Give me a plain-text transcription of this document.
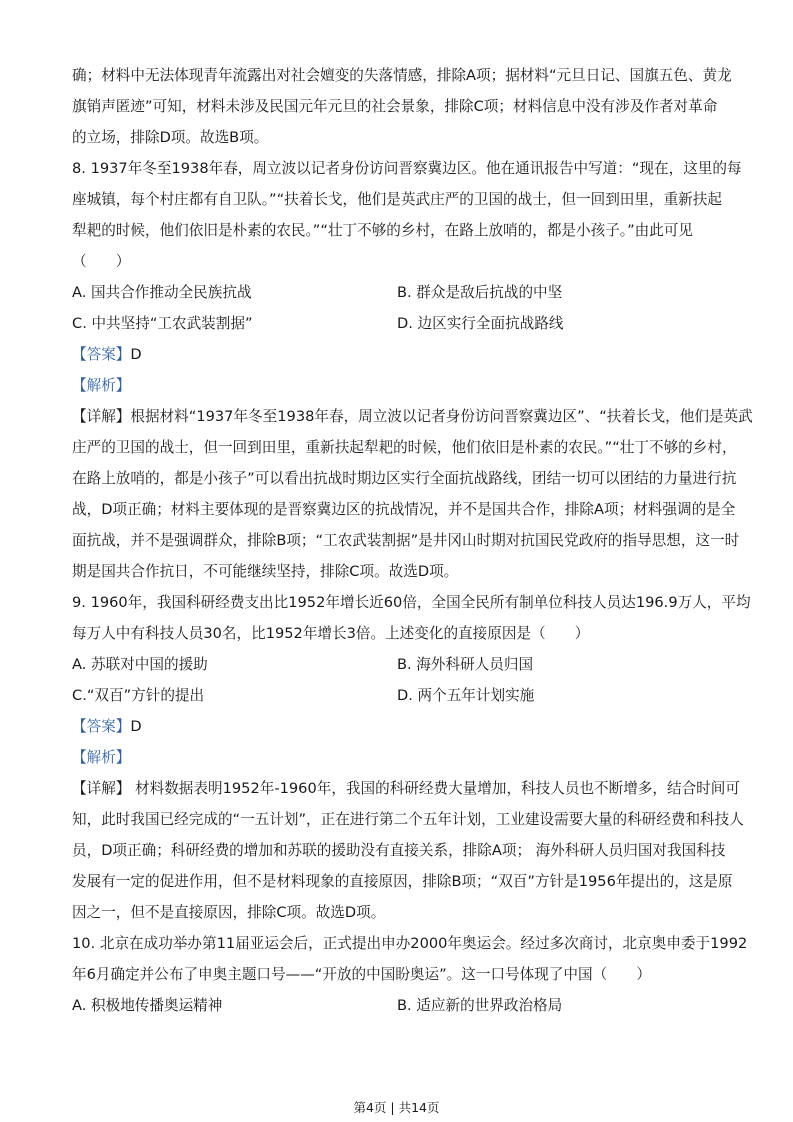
确；材料中无法体现青年流露出对社会嬗变的失落情感，排除A项；据材料“元旦日记、国旗五色、黄龙
旗销声匿迹”可知，材料未涉及民国元年元旦的社会景象，排除C项；材料信息中没有涉及作者对革命
的立场，排除D项。故选B项。
8. 1937年冬至1938年春，周立波以记者身份访问晋察冀边区。他在通讯报告中写道：“现在，这里的每
座城镇，每个村庄都有自卫队。”“扶着长戈，他们是英武庄严的卫国的战士，但一回到田里，重新扶起
犁耙的时候，他们依旧是朴素的农民。”“壮丁不够的乡村，在路上放哨的，都是小孩子。”由此可见
（　　）
A. 国共合作推动全民族抗战	B. 群众是敌后抗战的中坚
C. 中共坚持“工农武装割据”	D. 边区实行全面抗战路线
【答案】D
【解析】
【详解】根据材料“1937年冬至1938年春，周立波以记者身份访问晋察冀边区”、“扶着长戈，他们是英武
庄严的卫国的战士，但一回到田里，重新扶起犁耙的时候，他们依旧是朴素的农民。”“壮丁不够的乡村，
在路上放哨的，都是小孩子”可以看出抗战时期边区实行全面抗战路线，团结一切可以团结的力量进行抗
战，D项正确；材料主要体现的是晋察冀边区的抗战情况，并不是国共合作，排除A项；材料强调的是全
面抗战，并不是强调群众，排除B项；“工农武装割据”是井冈山时期对抗国民党政府的指导思想，这一时
期是国共合作抗日，不可能继续坚持，排除C项。故选D项。
9. 1960年，我国科研经费支出比1952年增长近60倍，全国全民所有制单位科技人员达196.9万人，平均
每万人中有科技人员30名，比1952年增长3倍。上述变化的直接原因是（　　）
A. 苏联对中国的援助	B. 海外科研人员归国
C.“双百”方针的提出	D. 两个五年计划实施
【答案】D
【解析】
【详解】 材料数据表明1952年-1960年，我国的科研经费大量增加，科技人员也不断增多，结合时间可
知，此时我国已经完成的“一五计划”，正在进行第二个五年计划，工业建设需要大量的科研经费和科技人
员，D项正确；科研经费的增加和苏联的援助没有直接关系，排除A项； 海外科研人员归国对我国科技
发展有一定的促进作用，但不是材料现象的直接原因，排除B项；“双百”方针是1956年提出的，这是原
因之一，但不是直接原因，排除C项。故选D项。
10. 北京在成功举办第11届亚运会后，正式提出申办2000年奥运会。经过多次商讨，北京奥申委于1992
年6月确定并公布了申奥主题口号——“开放的中国盼奥运”。这一口号体现了中国（　　）
A. 积极地传播奥运精神	B. 适应新的世界政治格局
第4页 | 共14页
